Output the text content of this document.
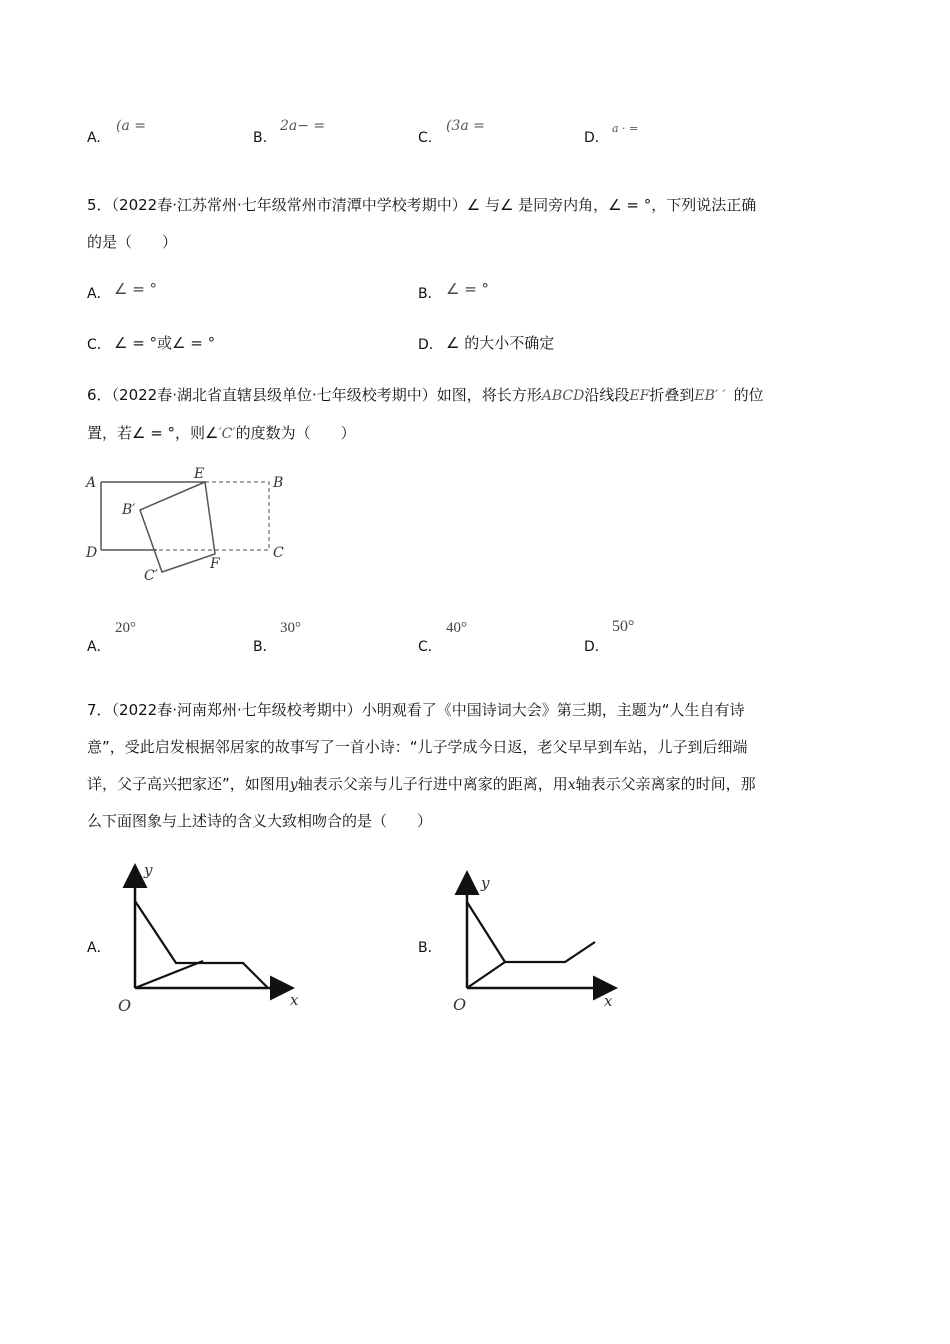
A.
(a =
B.
2a− =
C.
(3a =
D.
a · =
5．（2022春·江苏常州·七年级常州市清潭中学校考期中）∠ 与∠ 是同旁内角，∠ = °，下列说法正确
的是（　　）
A． ∠ = °	B． ∠ = °
C． ∠ = °或∠ = °	D． ∠ 的大小不确定
6．（2022春·湖北省直辖县级单位·七年级校考期中）如图，将长方形ABCD沿线段EF折叠到EB′ ′ 的位
置，若∠ = °，则∠′C′的度数为（　　）
A	B
C
D
E
F
B′
C′
A．
20°
B．
30°
C．
40°
D．
50°
7．（2022春·河南郑州·七年级校考期中）小明观看了《中国诗词大会》第三期，主题为“人生自有诗
意”，受此启发根据邻居家的故事写了一首小诗：“儿子学成今日返，老父早早到车站，儿子到后细端
详，父子高兴把家还”，如图用y轴表示父亲与儿子行进中离家的距离，用x轴表示父亲离家的时间，那
么下面图象与上述诗的含义大致相吻合的是（　　）
A．
y
x
O
B．
y
x
O
